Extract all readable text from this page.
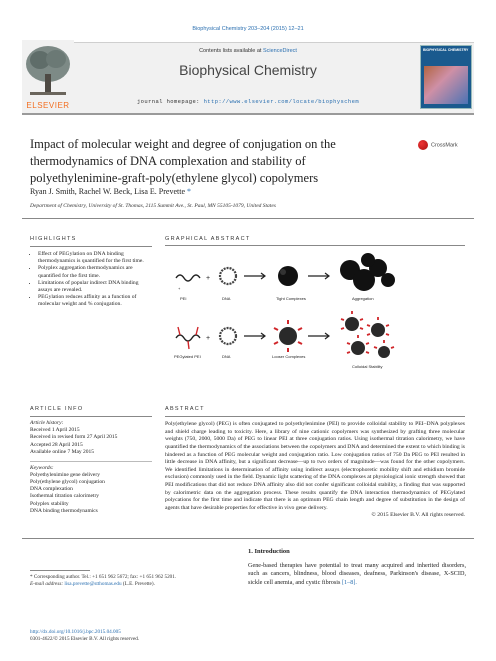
Biophysical Chemistry 203–204 (2015) 12–21
ELSEVIER
Contents lists available at ScienceDirect
Biophysical Chemistry
journal homepage: http://www.elsevier.com/locate/biophyschem
BIOPHYSICAL CHEMISTRY
Impact of molecular weight and degree of conjugation on the thermodynamics of DNA complexation and stability of polyethylenimine-graft-poly(ethylene glycol) copolymers
CrossMark
Ryan J. Smith, Rachel W. Beck, Lisa E. Prevette *
Department of Chemistry, University of St. Thomas, 2115 Summit Ave., St. Paul, MN 55105-1079, United States
HIGHLIGHTS
• Effect of PEGylation on DNA binding thermodynamics is quantified for the first time.
• Polyplex aggregation thermodynamics are quantified for the first time.
• Limitations of popular indirect DNA binding assays are revealed.
• PEGylation reduces affinity as a function of molecular weight and % conjugation.
GRAPHICAL ABSTRACT
+
+
PEI	DNA	Tight Complexes	Aggregation
+
PEGylated PEI	DNA	Looser Complexes
Colloidal Stability
ARTICLE INFO
Article history:
Received 1 April 2015
Received in revised form 27 April 2015
Accepted 28 April 2015
Available online 7 May 2015
Keywords:
Polyethylenimine gene delivery
Poly(ethylene glycol) conjugation
DNA complexation
Isothermal titration calorimetry
Polyplex stability
DNA binding thermodynamics
ABSTRACT
Poly(ethylene glycol) (PEG) is often conjugated to polyethylenimine (PEI) to provide colloidal stability to PEI–DNA polyplexes and shield charge leading to toxicity. Here, a library of nine cationic copolymers was synthesized by grafting three molecular weights (750, 2000, 5000 Da) of PEG to linear PEI at three conjugation ratios. Using isothermal titration calorimetry, we have quantified the thermodynamics of the associations between the copolymers and DNA and determined the extent to which binding is hindered as a function of PEG molecular weight and conjugation ratio. Low conjugation ratios of 750 Da PEG to PEI resulted in little decrease in DNA affinity, but a significant decrease—up to two orders of magnitude—was found for the other copolymers. We identified limitations in determination of affinity using indirect assays (electrophoretic mobility shift and ethidium bromide exclusion) commonly used in the field. Dynamic light scattering of the DNA complexes at physiological ionic strength showed that PEI modifications that did not reduce DNA affinity also did not confer significant colloidal stability, a finding that was supported by calorimetric data on the aggregation process. These results quantify the DNA interaction thermodynamics of PEGylated polycations for the first time and indicate that there is an optimum PEG chain length and degree of substitution in the design of agents that have desirable properties for effective in vivo gene delivery.
© 2015 Elsevier B.V. All rights reserved.
1. Introduction
Gene-based therapies have potential to treat many acquired and inherited disorders, such as cancers, blindness, blood diseases, deafness, Parkinson's disease, X-SCID, sickle cell anemia, and cystic fibrosis [1–8].
* Corresponding author. Tel.: +1 651 962 5672; fax: +1 651 962 5201.
E-mail address: lisa.prevette@stthomas.edu (L.E. Prevette).
http://dx.doi.org/10.1016/j.bpc.2015.04.005
0301-4622/© 2015 Elsevier B.V. All rights reserved.
